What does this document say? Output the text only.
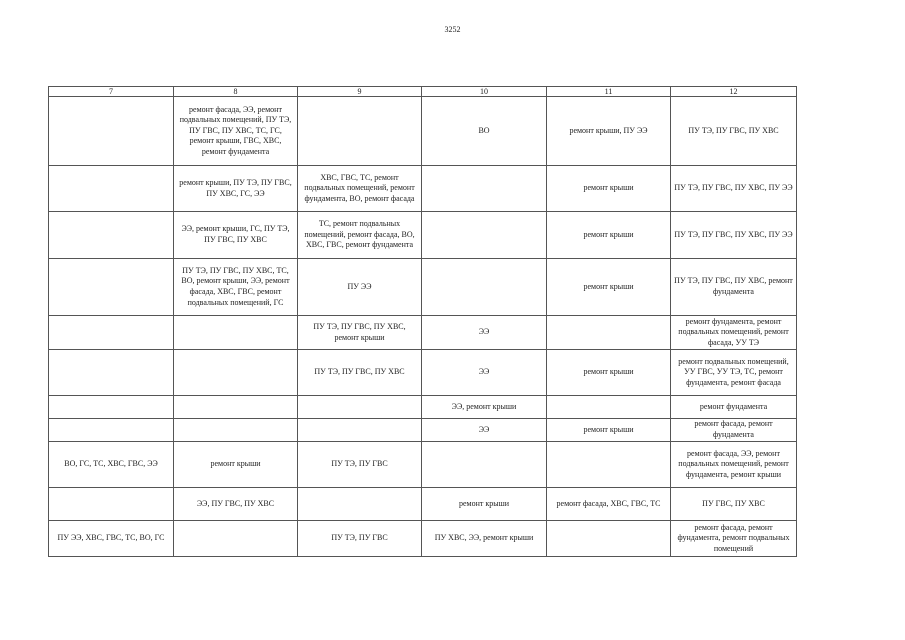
3252
7	8	9	10	11	12
	ремонт фасада, ЭЭ, ремонт подвальных помещений, ПУ ТЭ, ПУ ГВС, ПУ ХВС, ТС, ГС, ремонт крыши, ГВС, ХВС, ремонт фундамента		ВО	ремонт крыши, ПУ ЭЭ	ПУ ТЭ, ПУ ГВС, ПУ ХВС
	ремонт крыши, ПУ ТЭ, ПУ ГВС, ПУ ХВС, ГС, ЭЭ	ХВС, ГВС, ТС, ремонт подвальных помещений, ремонт фундамента, ВО, ремонт фасада		ремонт крыши	ПУ ТЭ, ПУ ГВС, ПУ ХВС, ПУ ЭЭ
	ЭЭ, ремонт крыши, ГС, ПУ ТЭ, ПУ ГВС, ПУ ХВС	ТС, ремонт подвальных помещений, ремонт фасада, ВО, ХВС, ГВС, ремонт фундамента		ремонт крыши	ПУ ТЭ, ПУ ГВС, ПУ ХВС, ПУ ЭЭ
	ПУ ТЭ, ПУ ГВС, ПУ ХВС, ТС, ВО, ремонт крыши, ЭЭ, ремонт фасада, ХВС, ГВС, ремонт подвальных помещений, ГС	ПУ ЭЭ		ремонт крыши	ПУ ТЭ, ПУ ГВС, ПУ ХВС, ремонт фундамента
		ПУ ТЭ, ПУ ГВС, ПУ ХВС, ремонт крыши	ЭЭ		ремонт фундамента, ремонт подвальных помещений, ремонт фасада, УУ ТЭ
		ПУ ТЭ, ПУ ГВС, ПУ ХВС	ЭЭ	ремонт крыши	ремонт подвальных помещений, УУ ГВС, УУ ТЭ, ТС, ремонт фундамента, ремонт фасада
			ЭЭ, ремонт крыши		ремонт фундамента
			ЭЭ	ремонт крыши	ремонт фасада, ремонт фундамента
ВО, ГС, ТС, ХВС, ГВС, ЭЭ	ремонт крыши	ПУ ТЭ, ПУ ГВС			ремонт фасада, ЭЭ, ремонт подвальных помещений, ремонт фундамента, ремонт крыши
	ЭЭ, ПУ ГВС, ПУ ХВС		ремонт крыши	ремонт фасада, ХВС, ГВС, ТС	ПУ ГВС, ПУ ХВС
ПУ ЭЭ, ХВС, ГВС, ТС, ВО, ГС		ПУ ТЭ, ПУ ГВС	ПУ ХВС, ЭЭ, ремонт крыши		ремонт фасада, ремонт фундамента, ремонт подвальных помещений
